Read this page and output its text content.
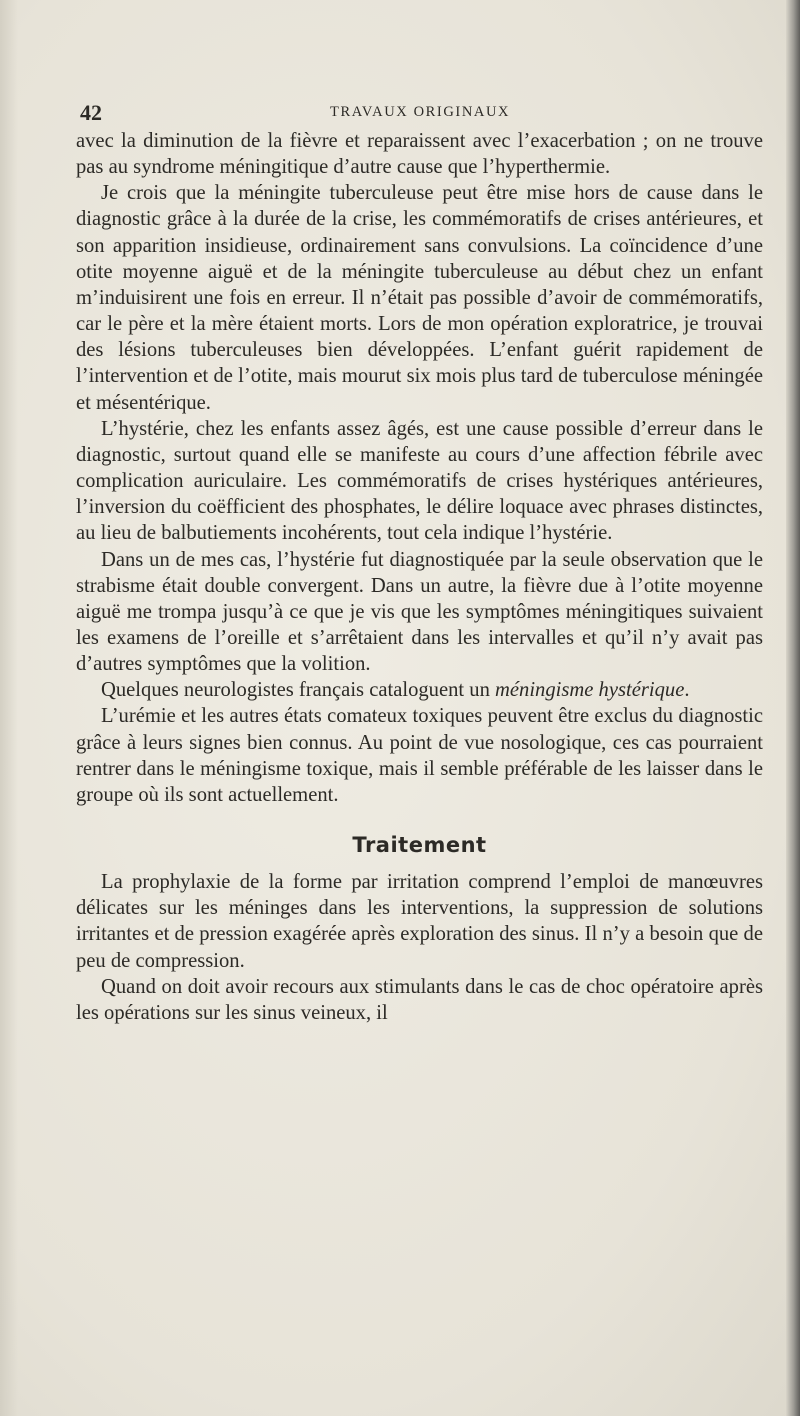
42	TRAVAUX ORIGINAUX

avec la diminution de la fièvre et reparaissent avec l’exacerbation ; on ne trouve pas au syndrome méningitique d’autre cause que l’hyperthermie.

Je crois que la méningite tuberculeuse peut être mise hors de cause dans le diagnostic grâce à la durée de la crise, les commémoratifs de crises antérieures, et son apparition insidieuse, ordinairement sans convulsions. La coïncidence d’une otite moyenne aiguë et de la méningite tuberculeuse au début chez un enfant m’induisirent une fois en erreur. Il n’était pas possible d’avoir de commémoratifs, car le père et la mère étaient morts. Lors de mon opération exploratrice, je trouvai des lésions tuberculeuses bien développées. L’enfant guérit rapidement de l’intervention et de l’otite, mais mourut six mois plus tard de tuberculose méningée et mésentérique.

L’hystérie, chez les enfants assez âgés, est une cause possible d’erreur dans le diagnostic, surtout quand elle se manifeste au cours d’une affection fébrile avec complication auriculaire. Les commémoratifs de crises hystériques antérieures, l’inversion du coëfficient des phosphates, le délire loquace avec phrases distinctes, au lieu de balbutiements incohérents, tout cela indique l’hystérie.

Dans un de mes cas, l’hystérie fut diagnostiquée par la seule observation que le strabisme était double convergent. Dans un autre, la fièvre due à l’otite moyenne aiguë me trompa jusqu’à ce que je vis que les symptômes méningitiques suivaient les examens de l’oreille et s’arrêtaient dans les intervalles et qu’il n’y avait pas d’autres symptômes que la volition.

Quelques neurologistes français cataloguent un méningisme hystérique.

L’urémie et les autres états comateux toxiques peuvent être exclus du diagnostic grâce à leurs signes bien connus. Au point de vue nosologique, ces cas pourraient rentrer dans le méningisme toxique, mais il semble préférable de les laisser dans le groupe où ils sont actuellement.

Traitement

La prophylaxie de la forme par irritation comprend l’emploi de manœuvres délicates sur les méninges dans les interventions, la suppression de solutions irritantes et de pression exagérée après exploration des sinus. Il n’y a besoin que de peu de compression.

Quand on doit avoir recours aux stimulants dans le cas de choc opératoire après les opérations sur les sinus veineux, il
